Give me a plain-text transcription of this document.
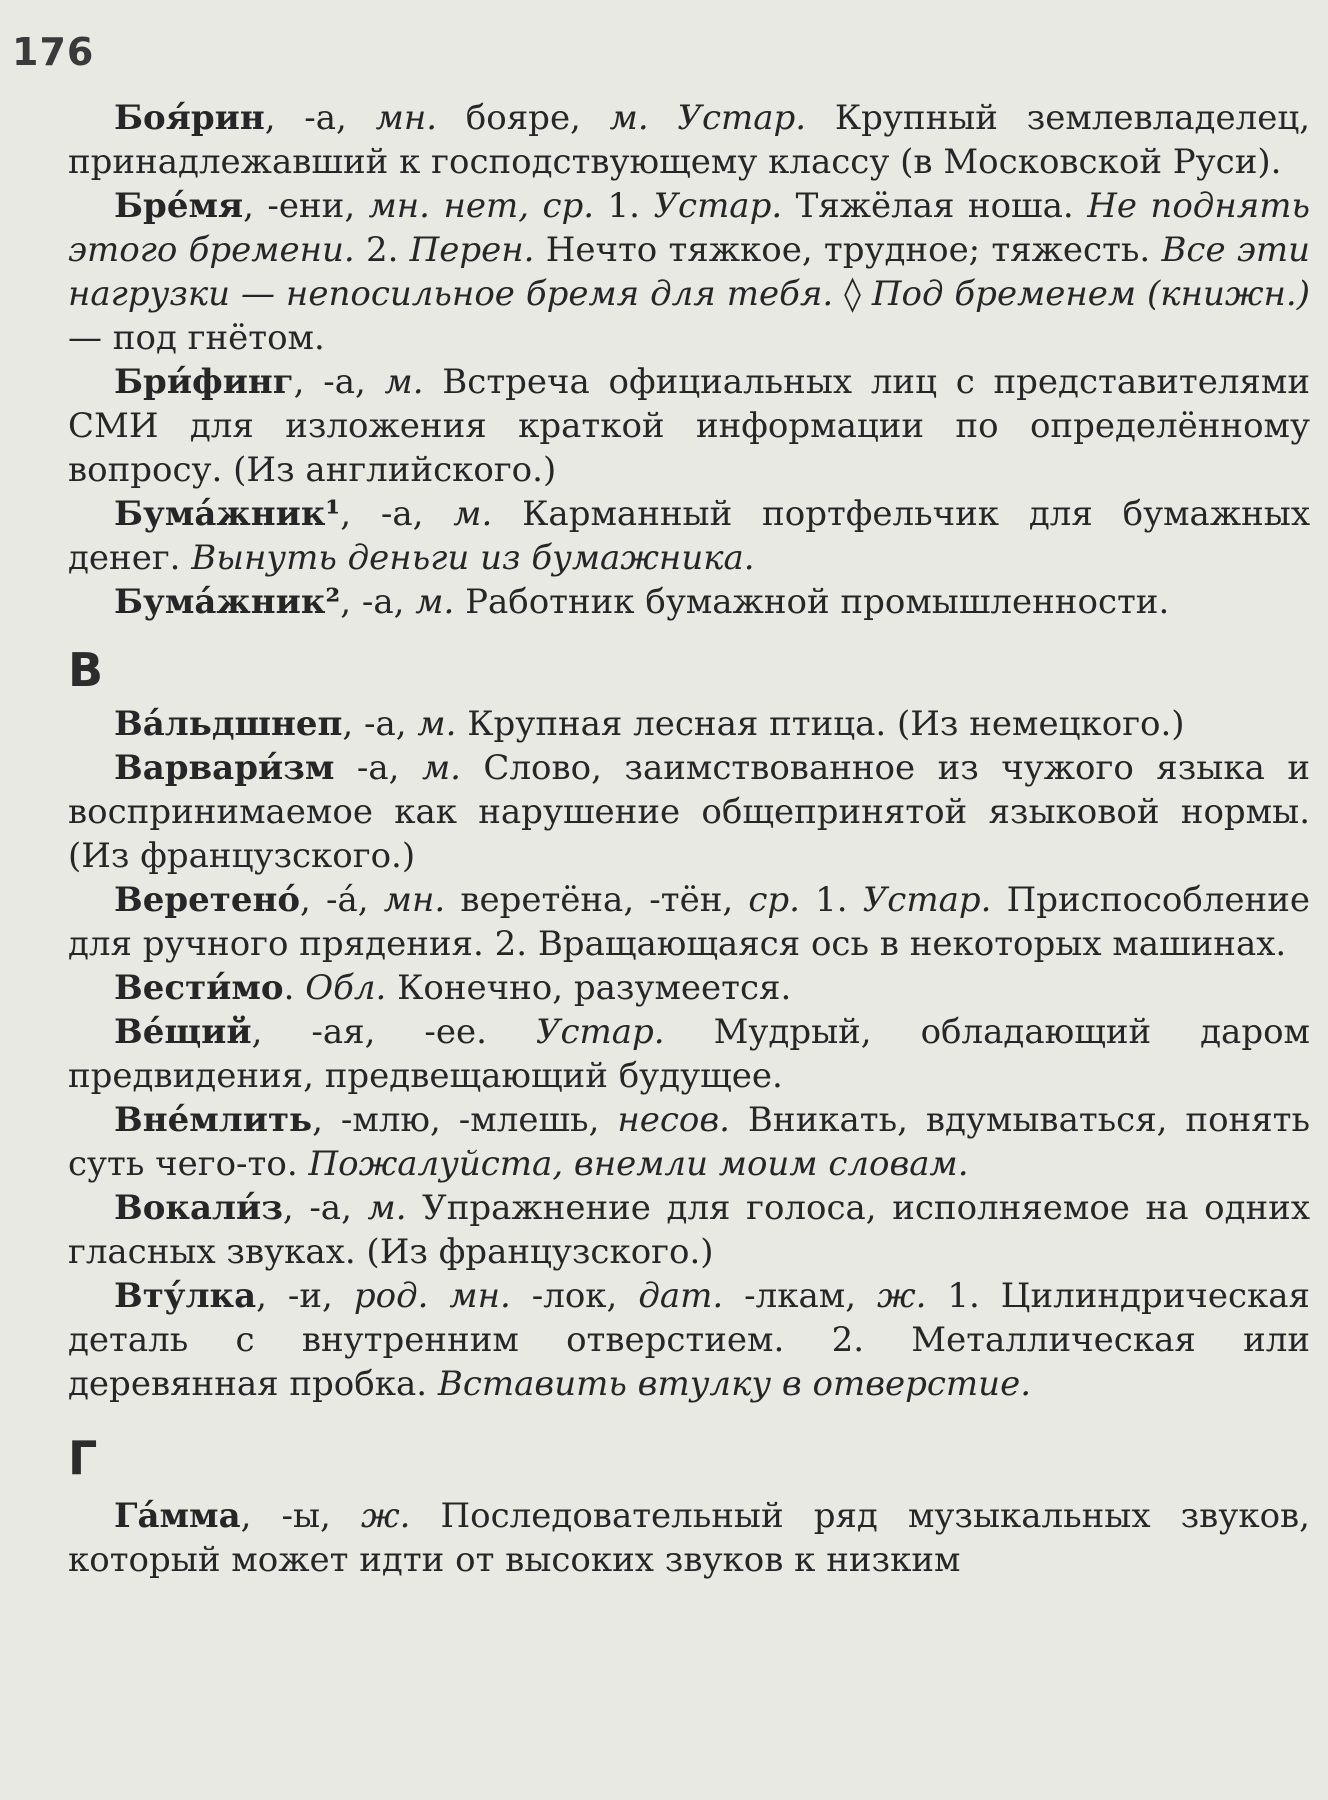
176

Боя́рин, -а, мн. бояре, м. Устар. Крупный землевладелец, принадлежавший к господствующему классу (в Московской Руси).

Бре́мя, -ени, мн. нет, ср. 1. Устар. Тяжёлая ноша. Не поднять этого бремени. 2. Перен. Нечто тяжкое, трудное; тяжесть. Все эти нагрузки — непосильное бремя для тебя. ◊ Под бременем (книжн.) — под гнётом.

Бри́финг, -а, м. Встреча официальных лиц с представителями СМИ для изложения краткой информации по определённому вопросу. (Из английского.)

Бума́жник¹, -а, м. Карманный портфельчик для бумажных денег. Вынуть деньги из бумажника.

Бума́жник², -а, м. Работник бумажной промышленности.

В

Ва́льдшнеп, -а, м. Крупная лесная птица. (Из немецкого.)

Варвари́зм -а, м. Слово, заимствованное из чужого языка и воспринимаемое как нарушение общепринятой языковой нормы. (Из французского.)

Веретено́, -а́, мн. веретёна, -тён, ср. 1. Устар. Приспособление для ручного прядения. 2. Вращающаяся ось в некоторых машинах.

Вести́мо. Обл. Конечно, разумеется.

Ве́щий, -ая, -ее. Устар. Мудрый, обладающий даром предвидения, предвещающий будущее.

Вне́млить, -млю, -млешь, несов. Вникать, вдумываться, понять суть чего-то. Пожалуйста, внемли моим словам.

Вокали́з, -а, м. Упражнение для голоса, исполняемое на одних гласных звуках. (Из французского.)

Вту́лка, -и, род. мн. -лок, дат. -лкам, ж. 1. Цилиндрическая деталь с внутренним отверстием. 2. Металлическая или деревянная пробка. Вставить втулку в отверстие.

Г

Га́мма, -ы, ж. Последовательный ряд музыкальных звуков, который может идти от высоких звуков к низким
